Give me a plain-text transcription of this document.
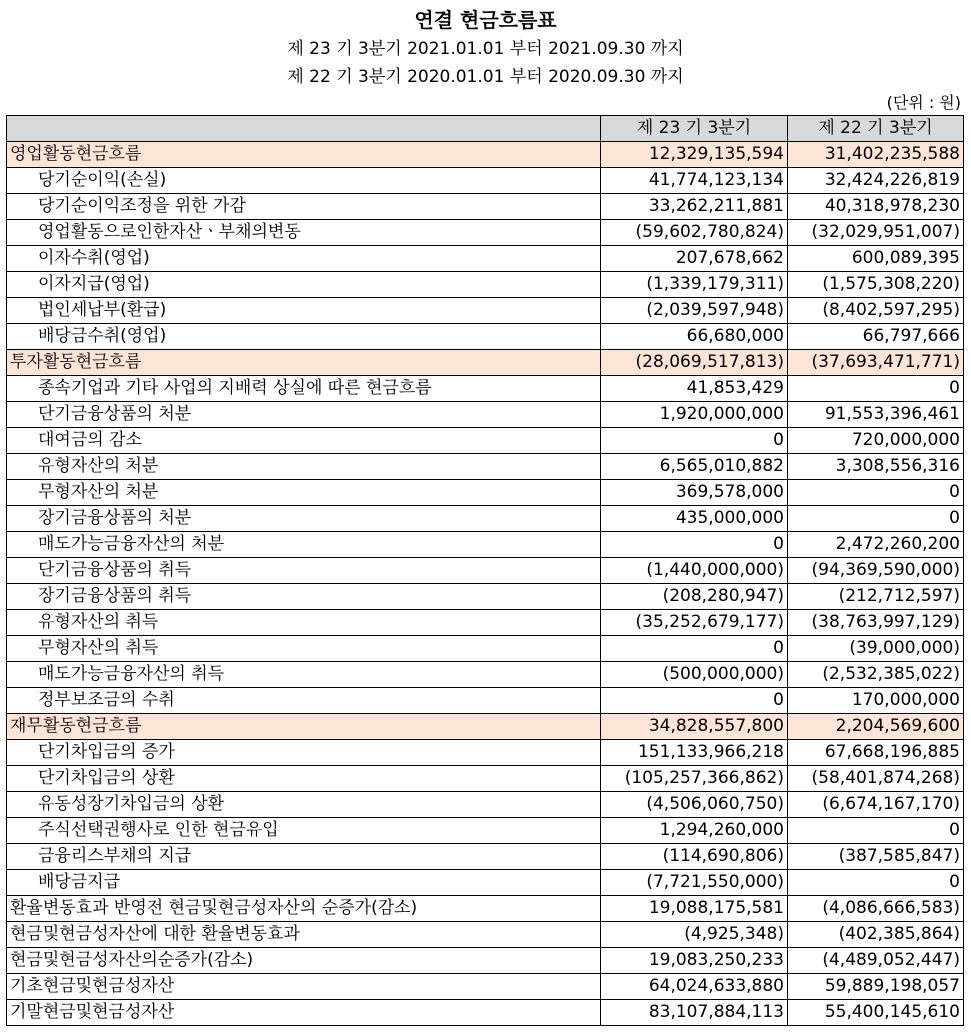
연결 현금흐름표
제 23 기 3분기 2021.01.01 부터 2021.09.30 까지
제 22 기 3분기 2020.01.01 부터 2020.09.30 까지
(단위 : 원)
	제 23 기 3분기	제 22 기 3분기
영업활동현금흐름	12,329,135,594	31,402,235,588
당기순이익(손실)	41,774,123,134	32,424,226,819
당기순이익조정을 위한 가감	33,262,211,881	40,318,978,230
영업활동으로인한자산ㆍ부채의변동	(59,602,780,824)	(32,029,951,007)
이자수취(영업)	207,678,662	600,089,395
이자지급(영업)	(1,339,179,311)	(1,575,308,220)
법인세납부(환급)	(2,039,597,948)	(8,402,597,295)
배당금수취(영업)	66,680,000	66,797,666
투자활동현금흐름	(28,069,517,813)	(37,693,471,771)
종속기업과 기타 사업의 지배력 상실에 따른 현금흐름	41,853,429	0
단기금융상품의 처분	1,920,000,000	91,553,396,461
대여금의 감소	0	720,000,000
유형자산의 처분	6,565,010,882	3,308,556,316
무형자산의 처분	369,578,000	0
장기금융상품의 처분	435,000,000	0
매도가능금융자산의 처분	0	2,472,260,200
단기금융상품의 취득	(1,440,000,000)	(94,369,590,000)
장기금융상품의 취득	(208,280,947)	(212,712,597)
유형자산의 취득	(35,252,679,177)	(38,763,997,129)
무형자산의 취득	0	(39,000,000)
매도가능금융자산의 취득	(500,000,000)	(2,532,385,022)
정부보조금의 수취	0	170,000,000
재무활동현금흐름	34,828,557,800	2,204,569,600
단기차입금의 증가	151,133,966,218	67,668,196,885
단기차입금의 상환	(105,257,366,862)	(58,401,874,268)
유동성장기차입금의 상환	(4,506,060,750)	(6,674,167,170)
주식선택권행사로 인한 현금유입	1,294,260,000	0
금융리스부채의 지급	(114,690,806)	(387,585,847)
배당금지급	(7,721,550,000)	0
환율변동효과 반영전 현금및현금성자산의 순증가(감소)	19,088,175,581	(4,086,666,583)
현금및현금성자산에 대한 환율변동효과	(4,925,348)	(402,385,864)
현금및현금성자산의순증가(감소)	19,083,250,233	(4,489,052,447)
기초현금및현금성자산	64,024,633,880	59,889,198,057
기말현금및현금성자산	83,107,884,113	55,400,145,610
